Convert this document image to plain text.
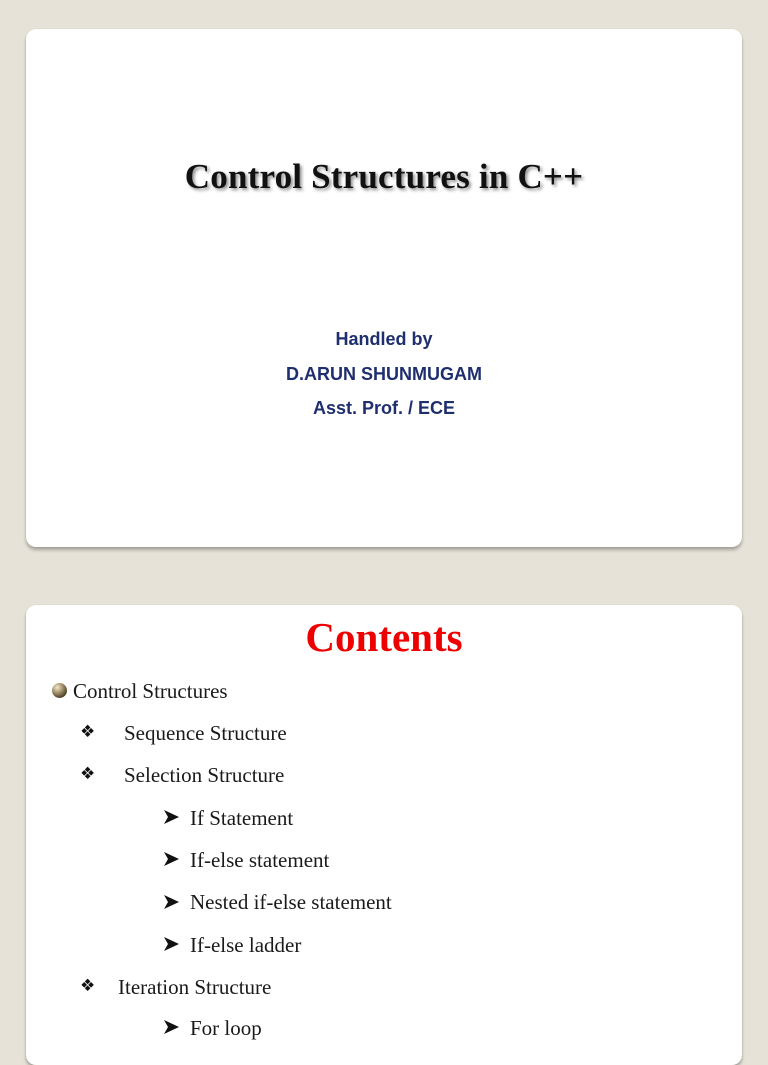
Control Structures in C++
Handled by
D.ARUN SHUNMUGAM
Asst. Prof. / ECE
Contents
Control Structures
❖ Sequence Structure
❖ Selection Structure
If Statement
If-else statement
Nested if-else statement
If-else ladder
❖ Iteration Structure
For loop
